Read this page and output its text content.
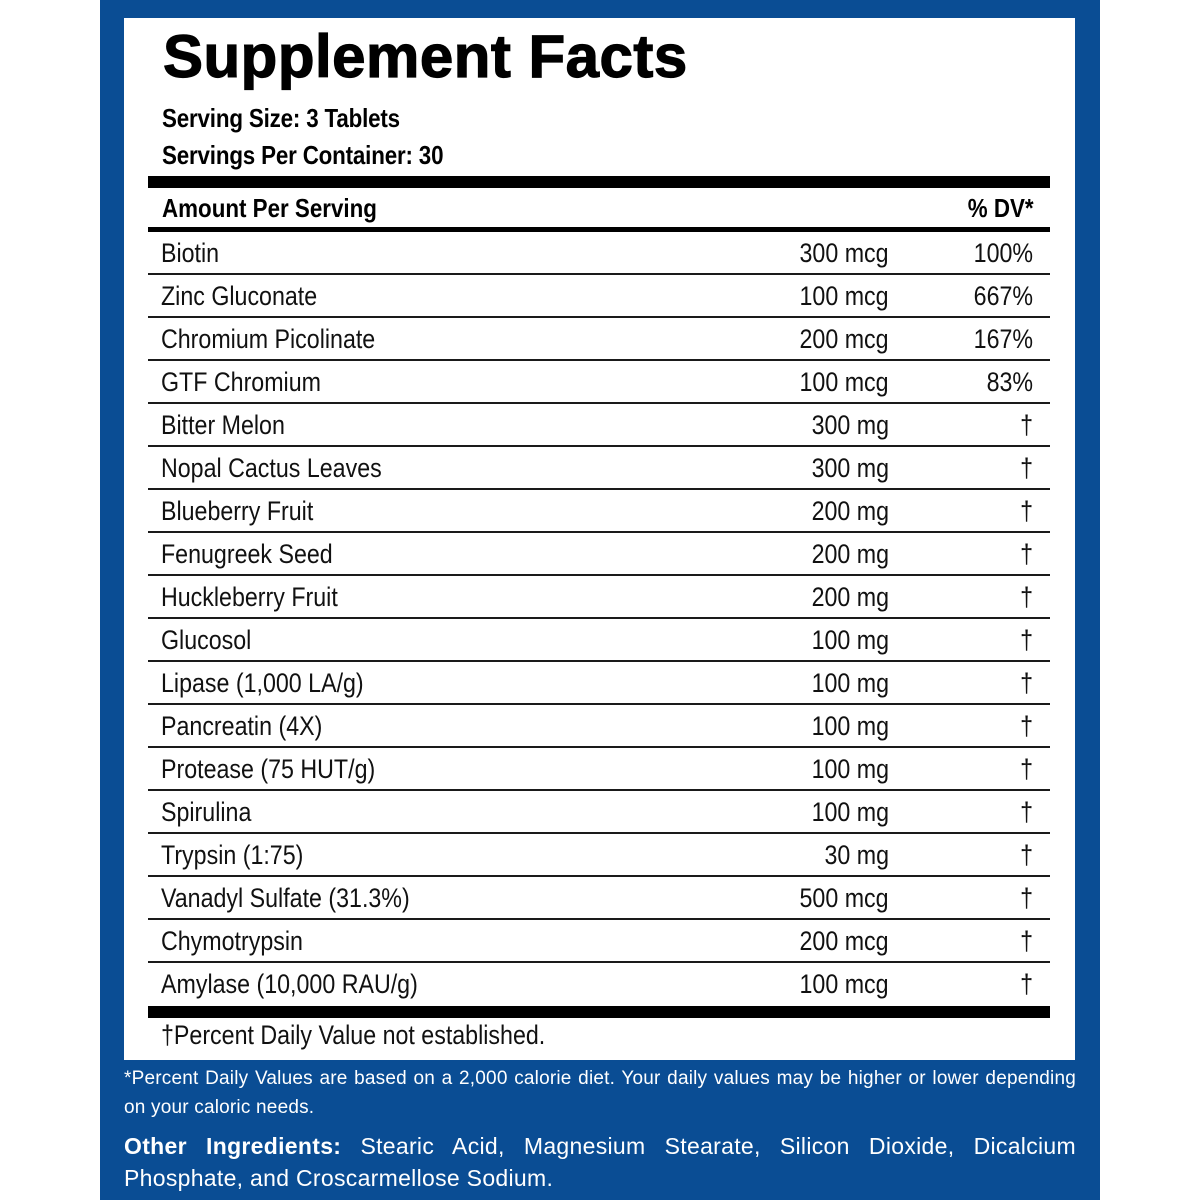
Supplement Facts
Serving Size: 3 Tablets
Servings Per Container: 30
Amount Per Serving	% DV*
Biotin	300 mcg	100%
Zinc Gluconate	100 mcg	667%
Chromium Picolinate	200 mcg	167%
GTF Chromium	100 mcg	83%
Bitter Melon	300 mg	†
Nopal Cactus Leaves	300 mg	†
Blueberry Fruit	200 mg	†
Fenugreek Seed	200 mg	†
Huckleberry Fruit	200 mg	†
Glucosol	100 mg	†
Lipase (1,000 LA/g)	100 mg	†
Pancreatin (4X)	100 mg	†
Protease (75 HUT/g)	100 mg	†
Spirulina	100 mg	†
Trypsin (1:75)	30 mg	†
Vanadyl Sulfate (31.3%)	500 mcg	†
Chymotrypsin	200 mcg	†
Amylase (10,000 RAU/g)	100 mcg	†
†Percent Daily Value not established.
*Percent Daily Values are based on a 2,000 calorie diet. Your daily values may be higher or lower depending on your caloric needs.
Other Ingredients: Stearic Acid, Magnesium Stearate, Silicon Dioxide, Dicalcium Phosphate, and Croscarmellose Sodium.
